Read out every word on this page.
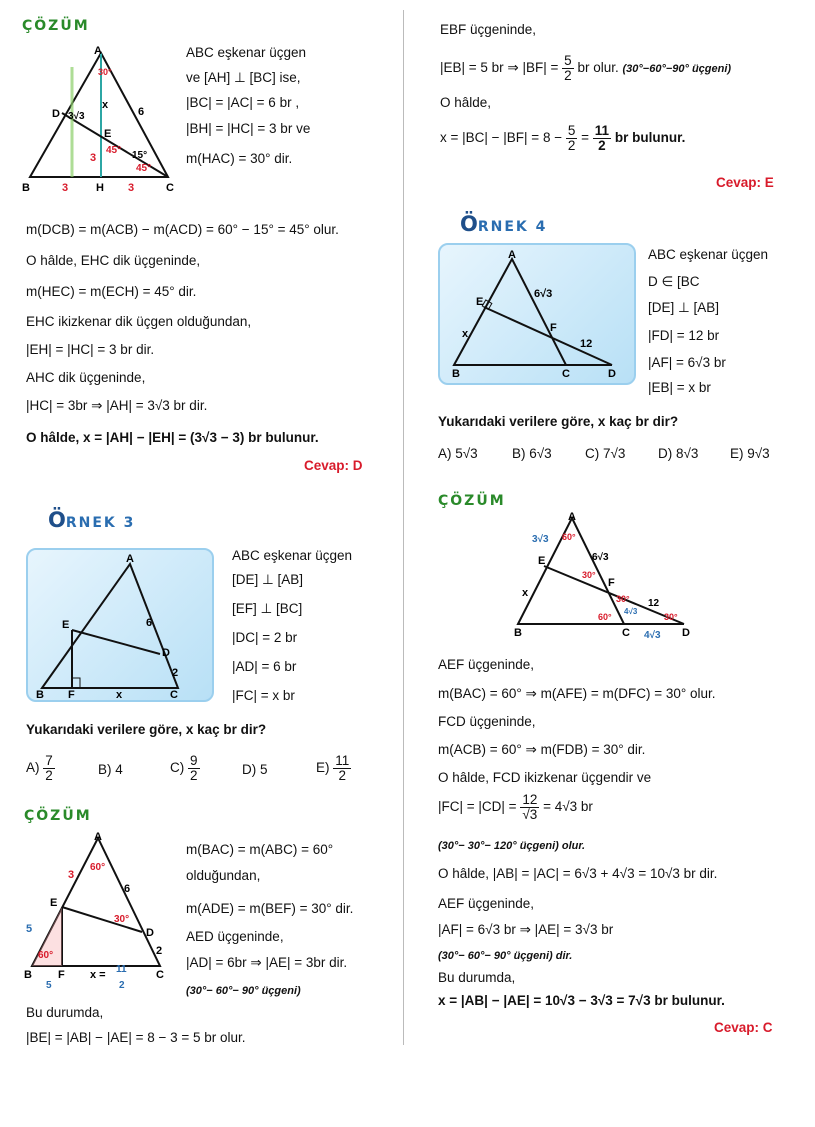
ÇÖZÜM
A
B	C
D
E
H
x
6
3	3
3
3√3
30°
45°
45°
15°
ABC eşkenar üçgen
ve [AH] ⊥ [BC] ise,
|BC| = |AC| = 6 br ,
|BH| = |HC| = 3 br ve
m(HAC) = 30° dir.
m(DCB) = m(ACB) − m(ACD) = 60° − 15° = 45° olur.
O hâlde, EHC dik üçgeninde,
m(HEC) = m(ECH) = 45° dir.
EHC ikizkenar dik üçgen olduğundan,
|EH| = |HC| = 3 br dir.
AHC dik üçgeninde,
|HC| = 3br ⇒ |AH| = 3√3 br dir.
O hâlde, x = |AH| − |EH| = (3√3 − 3) br bulunur.
Cevap: D
ÖRNEK 3
A
B	C
D
E
F	x
6
2
ABC eşkenar üçgen
[DE] ⊥ [AB]
[EF] ⊥ [BC]
|DC| = 2 br
|AD| = 6 br
|FC| = x br
Yukarıdaki verilere göre, x kaç br dir?
$A) \frac{7}{2}$	B) 4	$C) \frac{9}{2}$	D) 5	$E) \frac{11}{2}$
ÇÖZÜM
A
B	C
D
E
F
3
6
2
5
60°
60°
30°
5
x = 11
2
m(BAC) = m(ABC) = 60°
olduğundan,
m(ADE) = m(BEF) = 30° dir.
AED üçgeninde,
|AD| = 6br ⇒ |AE| = 3br dir.
(30°− 60°− 90° üçgeni)
Bu durumda,
|BE| = |AB| − |AE| = 8 − 3 = 5 br olur.
EBF üçgeninde,
|EB| = 5 br ⇒ $|BF| = \frac{5}{2}$ br olur. (30°−60°−90° üçgeni)
O hâlde,
$x = |BC| - |BF| = 8 - \frac{5}{2} = \frac{11}{2}$ br bulunur.
Cevap: E
ÖRNEK 4
A
B	C	D
E
F
x
6√3
12
ABC eşkenar üçgen
D ∈ [BC
[DE] ⊥ [AB]
|FD| = 12 br
|AF| = 6√3 br
|EB| = x br
Yukarıdaki verilere göre, x kaç br dir?
A) 5√3	B) 6√3 C) 7√3 D) 8√3 E) 9√3
ÇÖZÜM
A
B	C	D
E
F
x
3√3
6√3
4√3
4√3
12
60°
60°
30°
30°
30°
AEF üçgeninde,
m(BAC) = 60° ⇒ m(AFE) = m(DFC) = 30° olur.
FCD üçgeninde,
m(ACB) = 60° ⇒ m(FDB) = 30° dir.
O hâlde, FCD ikizkenar üçgendir ve
$|FC| = |CD| = \frac{12}{√3} = 4√3$ br
(30°− 30°− 120° üçgeni) olur.
O hâlde, |AB| = |AC| = 6√3 + 4√3 = 10√3 br dir.
AEF üçgeninde,
|AF| = 6√3 br ⇒ |AE| = 3√3 br
(30°− 60°− 90° üçgeni) dir.
Bu durumda,
x = |AB| − |AE| = 10√3 − 3√3 = 7√3 br bulunur.
Cevap: C
